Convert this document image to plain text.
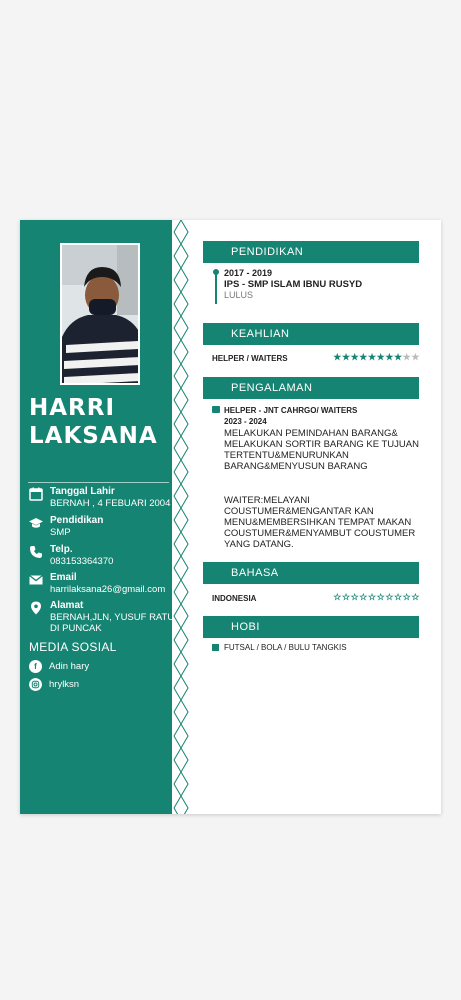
HARRI
LAKSANA
Tanggal Lahir
BERNAH , 4 FEBUARI 2004
Pendidikan
SMP
Telp.
083153364370
Email
harrilaksana26@gmail.com
Alamat
BERNAH,JLN, YUSUF RATU
DI PUNCAK
MEDIA SOSIAL
f	Adin hary
hrylksn
PENDIDIKAN
2017 - 2019
IPS - SMP ISLAM IBNU RUSYD
LULUS
KEAHLIAN
HELPER / WAITERS	★★★★★★★★★★
PENGALAMAN
HELPER - JNT CAHRGO/ WAITERS
2023 - 2024
MELAKUKAN PEMINDAHAN BARANG&
MELAKUKAN SORTIR BARANG KE TUJUAN
TERTENTU&MENURUNKAN
BARANG&MENYUSUN BARANG
WAITER:MELAYANI
COUSTUMER&MENGANTAR KAN
MENU&MEMBERSIHKAN TEMPAT MAKAN
COUSTUMER&MENYAMBUT COUSTUMER
YANG DATANG.
BAHASA
INDONESIA	☆☆☆☆☆☆☆☆☆☆
HOBI
FUTSAL / BOLA / BULU TANGKIS
